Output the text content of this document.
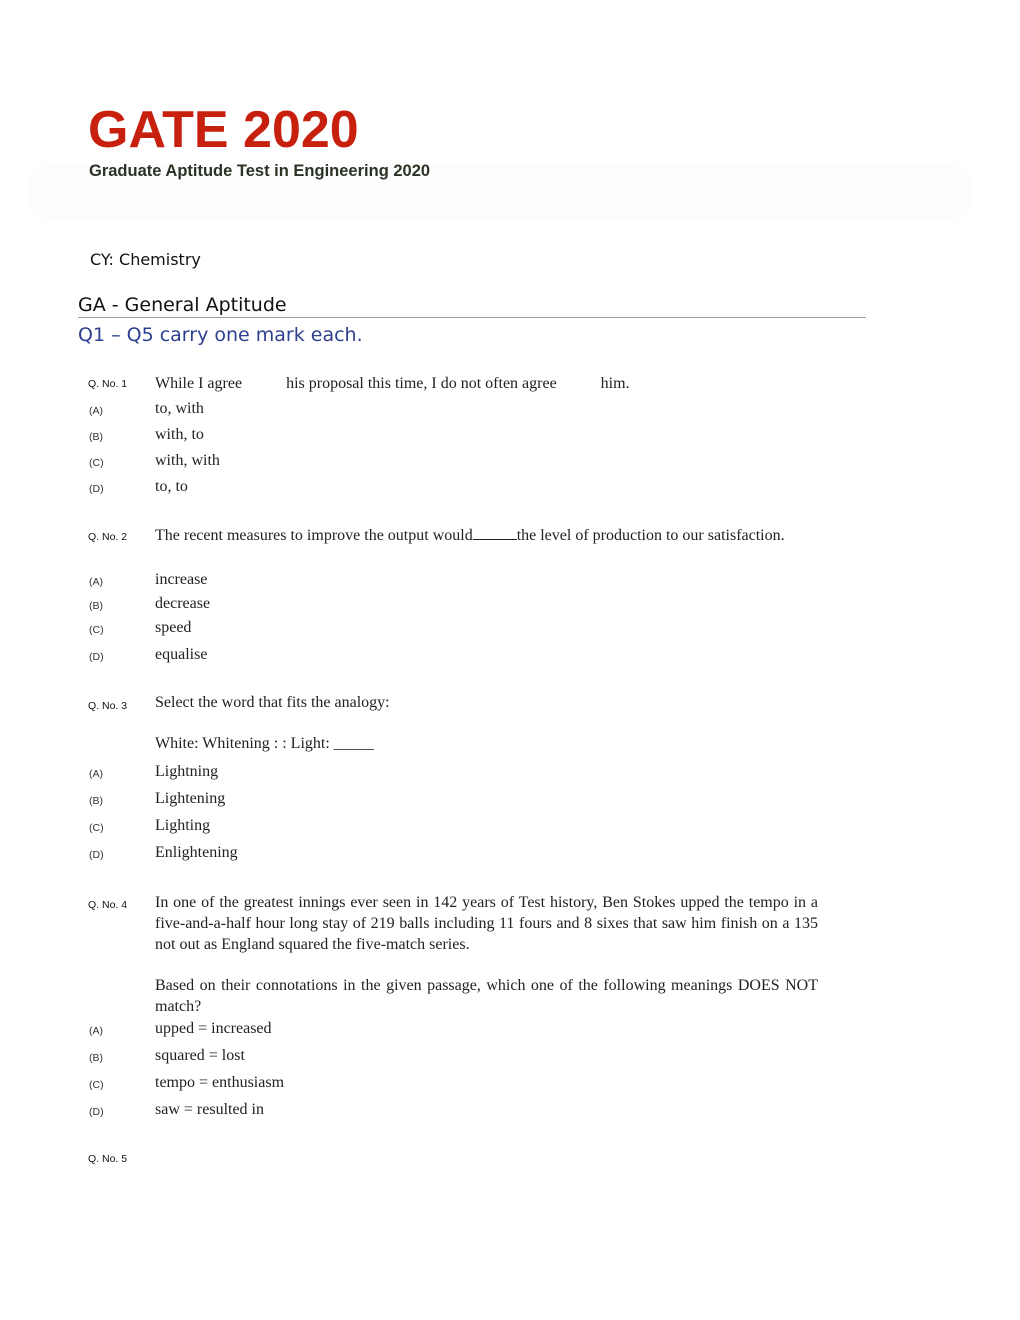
GATE 2020
Graduate Aptitude Test in Engineering 2020
CY: Chemistry
GA - General Aptitude
Q1 – Q5 carry one mark each.
Q. No. 1 While I agree	his proposal this time, I do not often agree	him.
(A)	to, with
(B)	with, to
(C)	with, with
(D)	to, to
Q. No. 2 The recent measures to improve the output would	the level of production to our satisfaction.
(A)	increase
(B)	decrease
(C)	speed
(D)	equalise
Q. No. 3 Select the word that fits the analogy:
White: Whitening : : Light: _____
(A)	Lightning
(B)	Lightening
(C)	Lighting
(D)	Enlightening
Q. No. 4 In one of the greatest innings ever seen in 142 years of Test history, Ben Stokes upped the tempo in a five-and-a-half hour long stay of 219 balls including 11 fours and 8 sixes that saw him finish on a 135 not out as England squared the five-match series.
Based on their connotations in the given passage, which one of the following meanings DOES NOT match?
(A)	upped = increased
(B)	squared = lost
(C)	tempo = enthusiasm
(D)	saw = resulted in
Q. No. 5
